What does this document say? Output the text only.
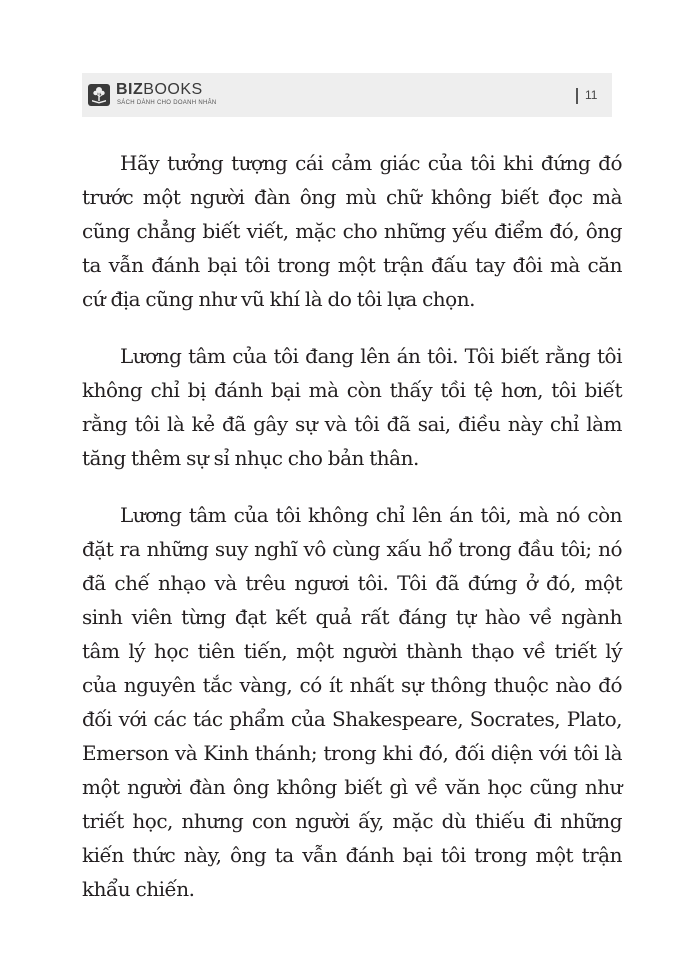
BIZBOOKS
SÁCH DÀNH CHO DOANH NHÂN
11

Hãy tưởng tượng cái cảm giác của tôi khi đứng đó trước một người đàn ông mù chữ không biết đọc mà cũng chẳng biết viết, mặc cho những yếu điểm đó, ông ta vẫn đánh bại tôi trong một trận đấu tay đôi mà căn cứ địa cũng như vũ khí là do tôi lựa chọn.

Lương tâm của tôi đang lên án tôi. Tôi biết rằng tôi không chỉ bị đánh bại mà còn thấy tồi tệ hơn, tôi biết rằng tôi là kẻ đã gây sự và tôi đã sai, điều này chỉ làm tăng thêm sự sỉ nhục cho bản thân.

Lương tâm của tôi không chỉ lên án tôi, mà nó còn đặt ra những suy nghĩ vô cùng xấu hổ trong đầu tôi; nó đã chế nhạo và trêu ngươi tôi. Tôi đã đứng ở đó, một sinh viên từng đạt kết quả rất đáng tự hào về ngành tâm lý học tiên tiến, một người thành thạo về triết lý của nguyên tắc vàng, có ít nhất sự thông thuộc nào đó đối với các tác phẩm của Shakespeare, Socrates, Plato, Emerson và Kinh thánh; trong khi đó, đối diện với tôi là một người đàn ông không biết gì về văn học cũng như triết học, nhưng con người ấy, mặc dù thiếu đi những kiến thức này, ông ta vẫn đánh bại tôi trong một trận khẩu chiến.
